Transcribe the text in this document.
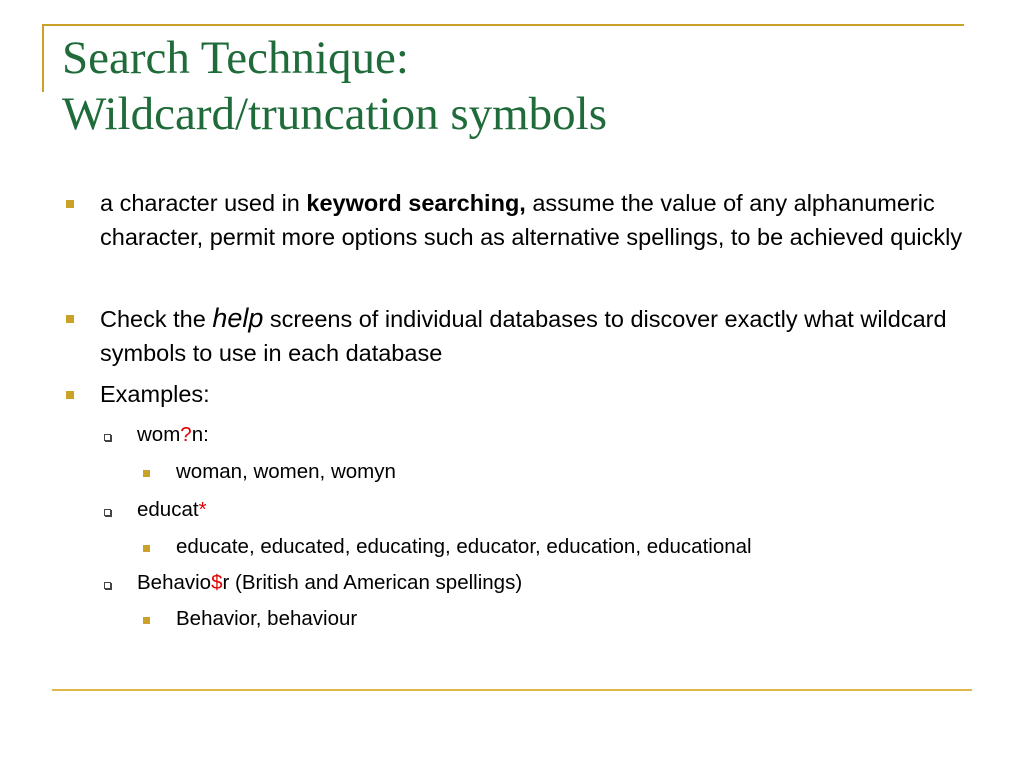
Search Technique:
Wildcard/truncation symbols
a character used in keyword searching, assume the value of any alphanumeric character, permit more options such as alternative spellings, to be achieved quickly
Check the help screens of individual databases to discover exactly what wildcard symbols to use in each database
Examples:
wom?n:
woman, women, womyn
educat*
educate, educated, educating, educator, education, educational
Behavio$r (British and American spellings)
Behavior, behaviour
